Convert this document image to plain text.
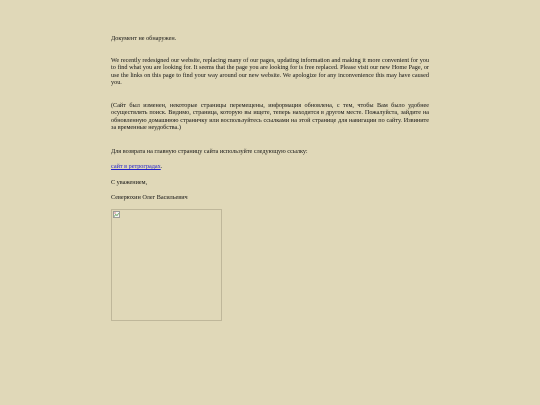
Документ не обнаружен.

We recently redesigned our website, replacing many of our pages, updating information and making it more convenient for you to find what you are looking for. It seems that the page you are looking for is free replaced. Please visit our new Home Page, or use the links on this page to find your way around our new website. We apologize for any inconvenience this may have caused you.

(Сайт был изменен, некоторые страницы перемещены, информация обновлена, с тем, чтобы Вам было удобнее осуществлять поиск. Видимо, страница, которую вы ищете, теперь находится в другом месте. Пожалуйста, зайдите на обновленную домашнюю страничку или воспользуйтесь ссылками на этой странице для навигации по сайту. Извините за временные неудобства.)

Для возврата на главную страницу сайта используйте следующую ссылку:

сайт в ретроградах.

С уважением,

Северюхин Олег Васильевич
